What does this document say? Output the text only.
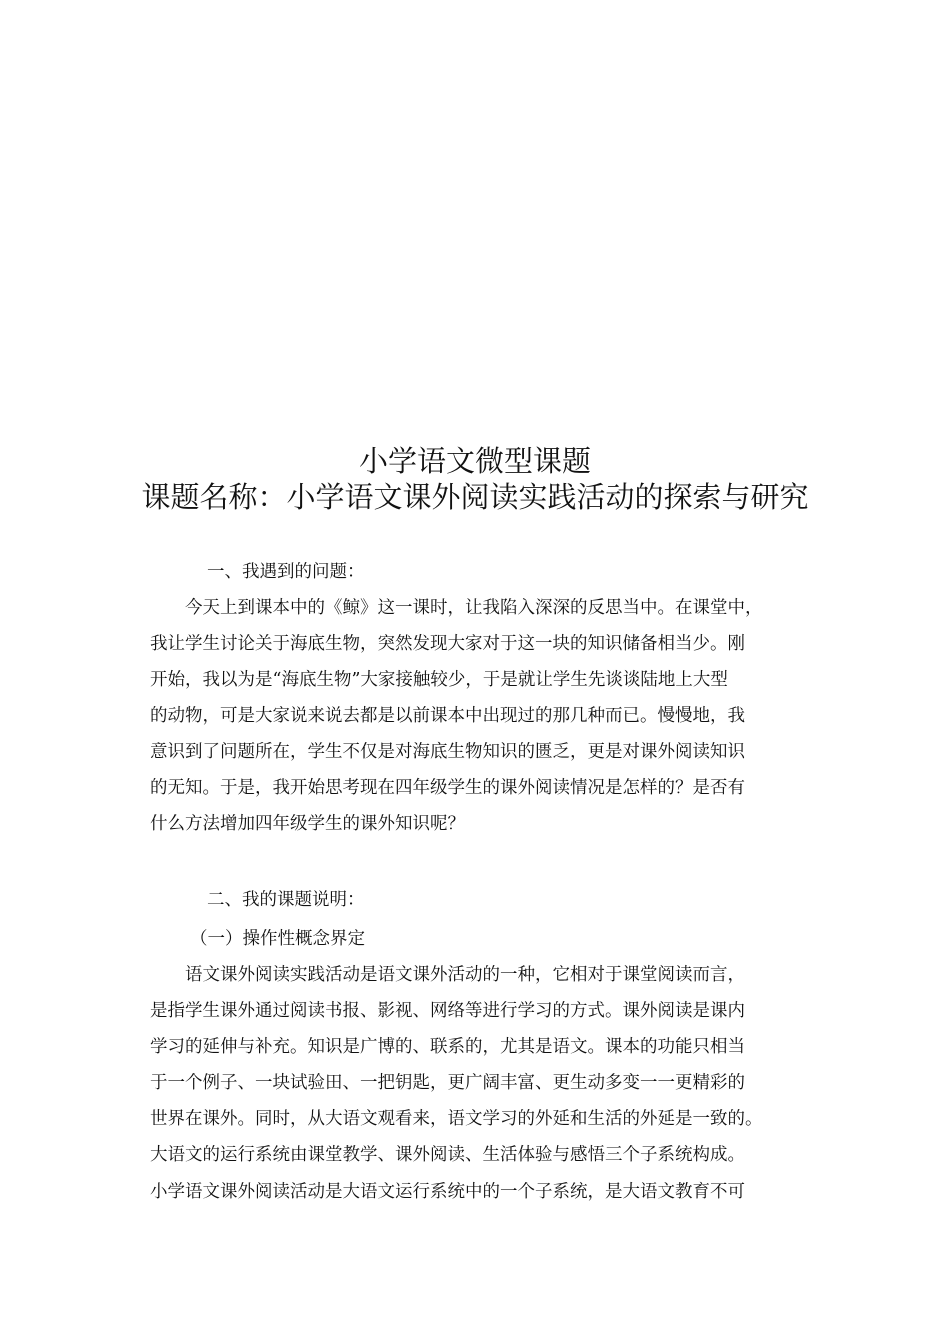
小学语文微型课题
课题名称：小学语文课外阅读实践活动的探索与研究
一、我遇到的问题：
今天上到课本中的《鲸》这一课时，让我陷入深深的反思当中。在课堂中，
我让学生讨论关于海底生物，突然发现大家对于这一块的知识储备相当少。刚
开始，我以为是“海底生物”大家接触较少，于是就让学生先谈谈陆地上大型
的动物，可是大家说来说去都是以前课本中出现过的那几种而已。慢慢地，我
意识到了问题所在，学生不仅是对海底生物知识的匮乏，更是对课外阅读知识
的无知。于是，我开始思考现在四年级学生的课外阅读情况是怎样的？是否有
什么方法增加四年级学生的课外知识呢？
二、我的课题说明：
（一）操作性概念界定
语文课外阅读实践活动是语文课外活动的一种，它相对于课堂阅读而言，
是指学生课外通过阅读书报、影视、网络等进行学习的方式。课外阅读是课内
学习的延伸与补充。知识是广博的、联系的，尤其是语文。课本的功能只相当
于一个例子、一块试验田、一把钥匙，更广阔丰富、更生动多变一一更精彩的
世界在课外。同时，从大语文观看来，语文学习的外延和生活的外延是一致的。
大语文的运行系统由课堂教学、课外阅读、生活体验与感悟三个子系统构成。
小学语文课外阅读活动是大语文运行系统中的一个子系统，是大语文教育不可
